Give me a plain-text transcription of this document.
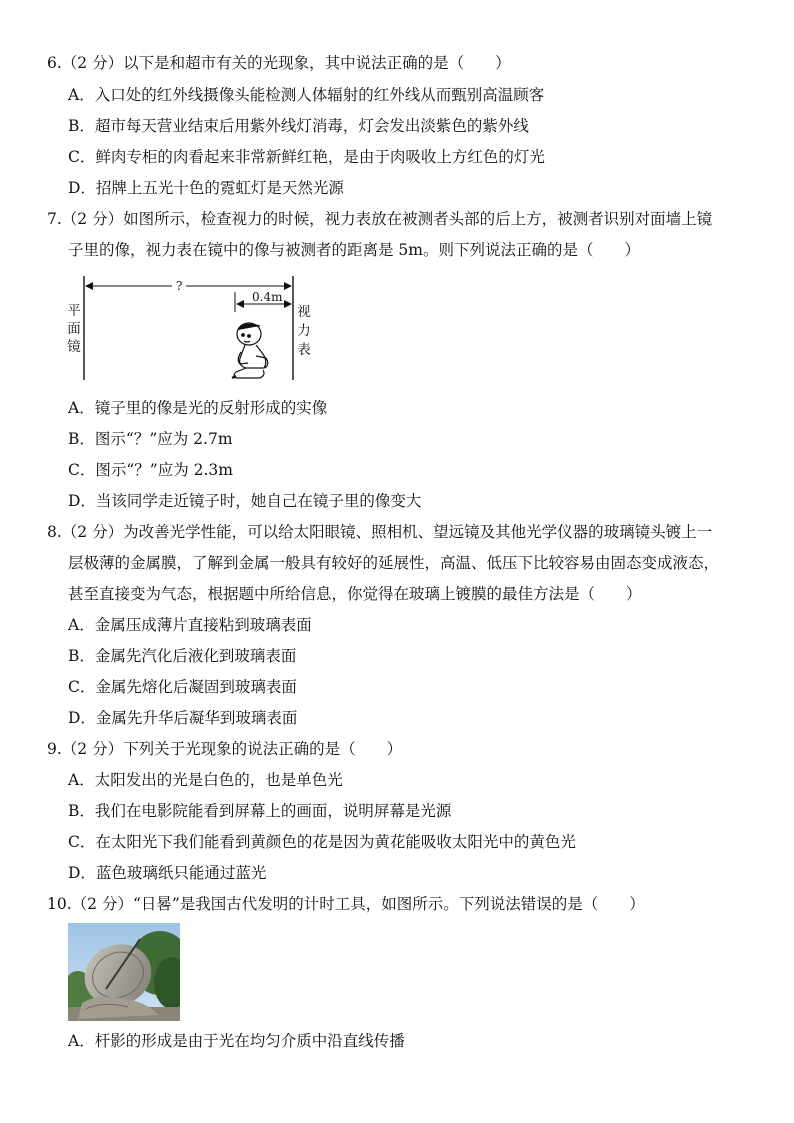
6.（2 分）以下是和超市有关的光现象，其中说法正确的是（　　）
A．入口处的红外线摄像头能检测人体辐射的红外线从而甄别高温顾客
B．超市每天营业结束后用紫外线灯消毒，灯会发出淡紫色的紫外线
C．鲜肉专柜的肉看起来非常新鲜红艳，是由于肉吸收上方红色的灯光
D．招牌上五光十色的霓虹灯是天然光源
7.（2 分）如图所示，检查视力的时候，视力表放在被测者头部的后上方，被测者识别对面墙上镜
子里的像，视力表在镜中的像与被测者的距离是 5m。则下列说法正确的是（　　）
?
0.4m
平
面
镜
视
力
表
A．镜子里的像是光的反射形成的实像
B．图示“？”应为 2.7m
C．图示“？”应为 2.3m
D．当该同学走近镜子时，她自己在镜子里的像变大
8.（2 分）为改善光学性能，可以给太阳眼镜、照相机、望远镜及其他光学仪器的玻璃镜头镀上一
层极薄的金属膜，了解到金属一般具有较好的延展性，高温、低压下比较容易由固态变成液态，
甚至直接变为气态，根据题中所给信息，你觉得在玻璃上镀膜的最佳方法是（　　）
A．金属压成薄片直接粘到玻璃表面
B．金属先汽化后液化到玻璃表面
C．金属先熔化后凝固到玻璃表面
D．金属先升华后凝华到玻璃表面
9.（2 分）下列关于光现象的说法正确的是（　　）
A．太阳发出的光是白色的，也是单色光
B．我们在电影院能看到屏幕上的画面，说明屏幕是光源
C．在太阳光下我们能看到黄颜色的花是因为黄花能吸收太阳光中的黄色光
D．蓝色玻璃纸只能通过蓝光
10.（2 分）“日晷”是我国古代发明的计时工具，如图所示。下列说法错误的是（　　）
A．杆影的形成是由于光在均匀介质中沿直线传播
